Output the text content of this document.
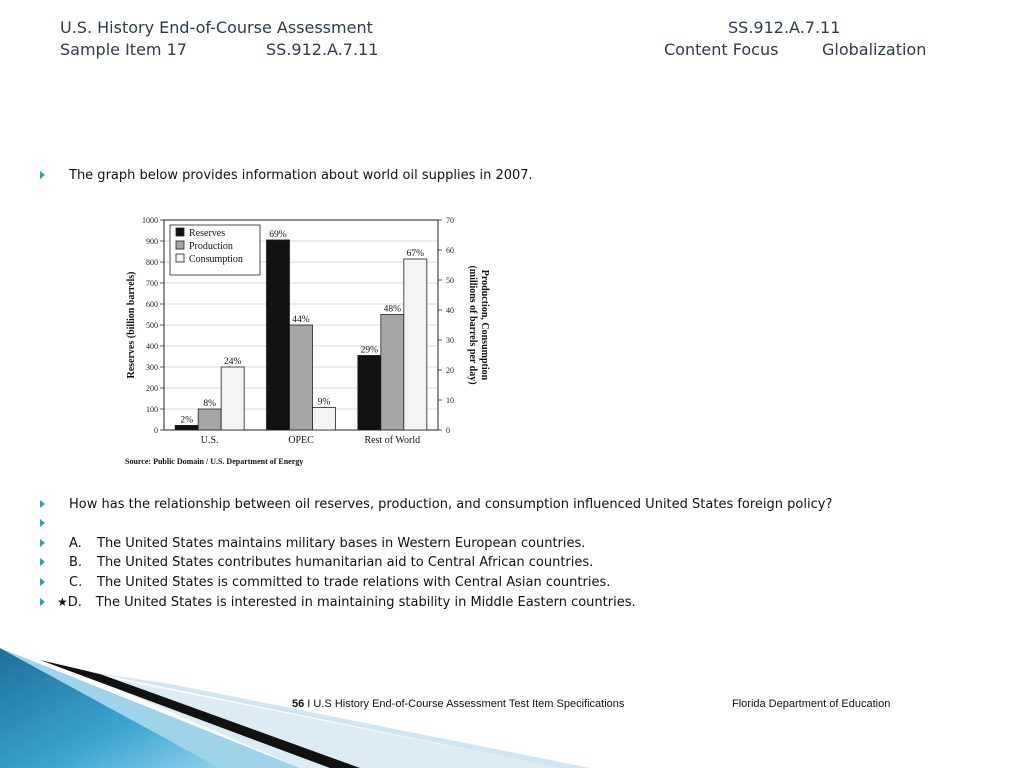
U.S. History End-of-Course Assessment	SS.912.A.7.11
Sample Item 17	SS.912.A.7.11	Content Focus	Globalization
The graph below provides information about world oil supplies in 2007.
0
100
200
300
400
500
600
700
800
900
1000
0
10
20
30
40
50
60
70
2%
8%
24%
U.S.
69%
44%
9%
OPEC
29%
48%
67%
Rest of World
Reserves
Production
Consumption
Reserves (billion barrels)	Production, Consumption
(millions of barrels per day)
Source: Public Domain / U.S. Department of Energy
How has the relationship between oil reserves, production, and consumption influenced United States foreign policy?
A. The United States maintains military bases in Western European countries.
B. The United States contributes humanitarian aid to Central African countries.
C. The United States is committed to trade relations with Central Asian countries.
★D. The United States is interested in maintaining stability in Middle Eastern countries.
56 I U.S History End-of-Course Assessment Test Item Specifications	Florida Department of Education
